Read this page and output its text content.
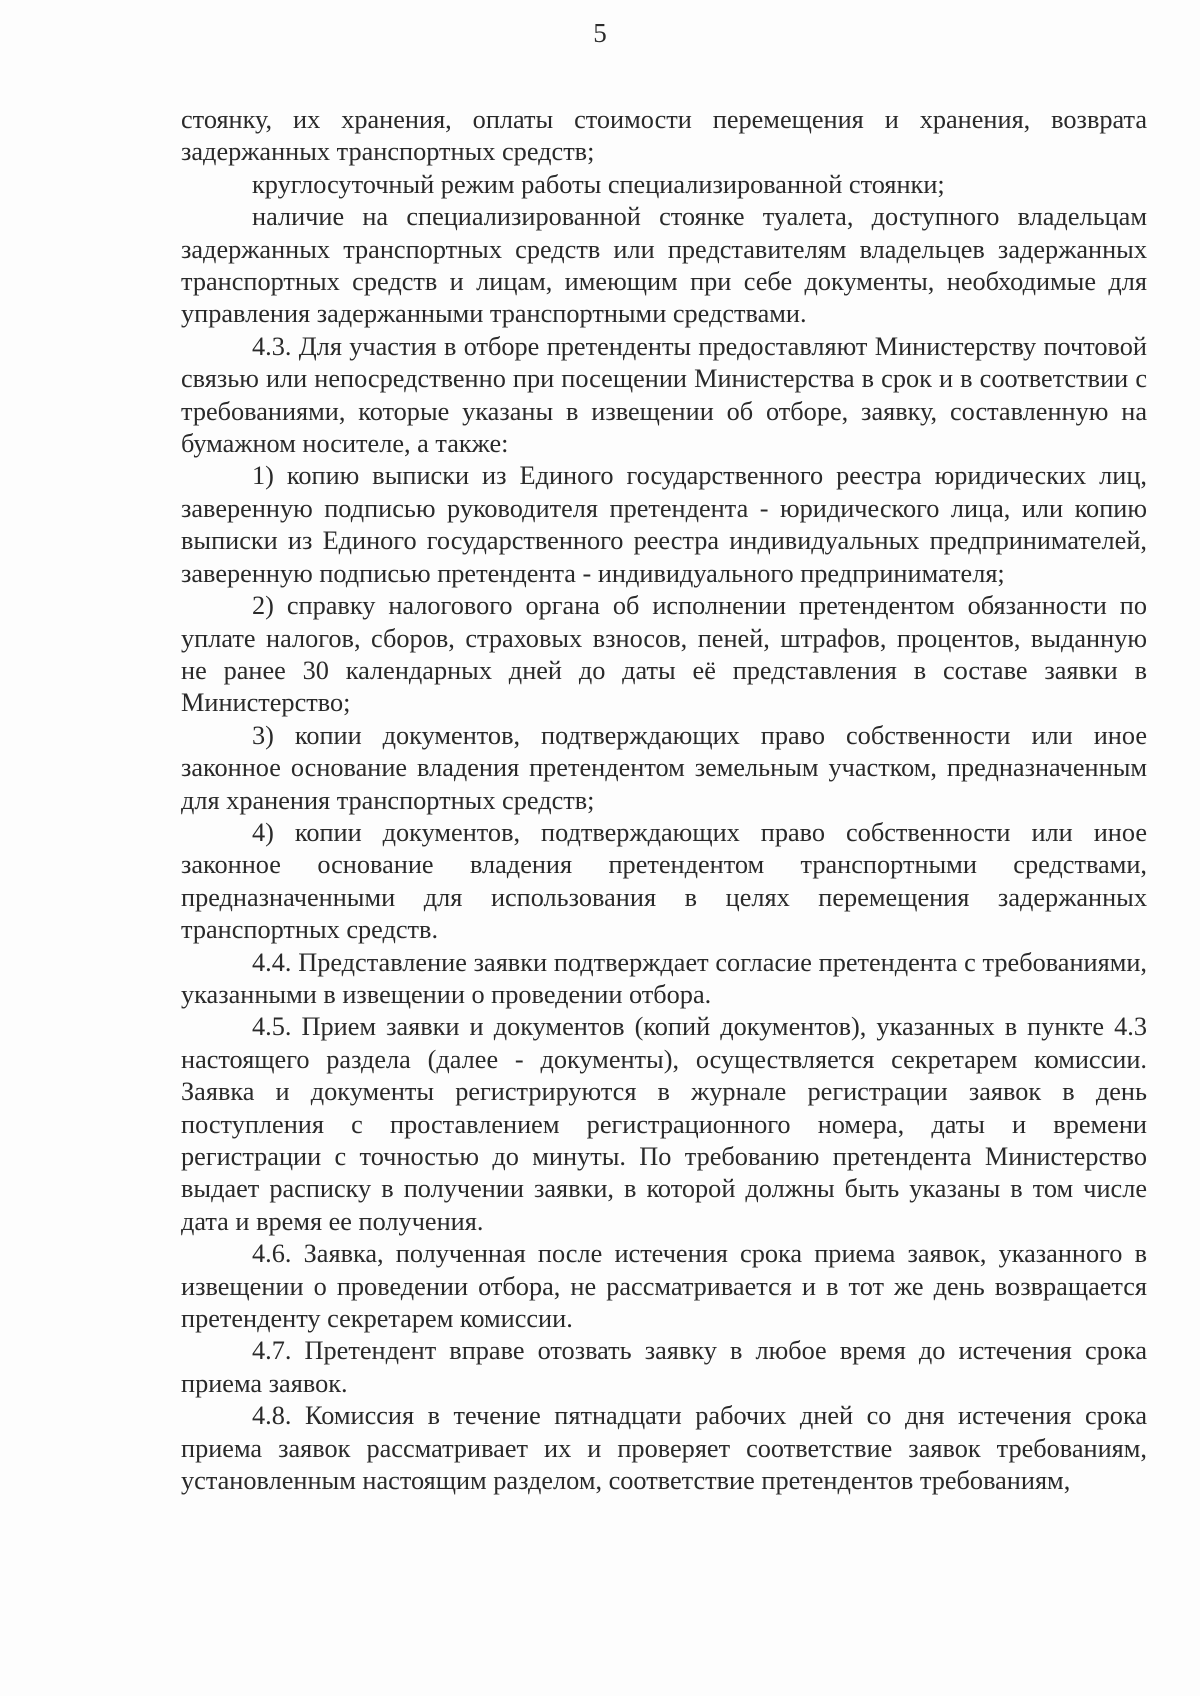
5

стоянку, их хранения, оплаты стоимости перемещения и хранения, возврата задержанных транспортных средств;

круглосуточный режим работы специализированной стоянки;

наличие на специализированной стоянке туалета, доступного владельцам задержанных транспортных средств или представителям владельцев задержанных транспортных средств и лицам, имеющим при себе документы, необходимые для управления задержанными транспортными средствами.

4.3. Для участия в отборе претенденты предоставляют Министерству почтовой связью или непосредственно при посещении Министерства в срок и в соответствии с требованиями, которые указаны в извещении об отборе, заявку, составленную на бумажном носителе, а также:

1) копию выписки из Единого государственного реестра юридических лиц, заверенную подписью руководителя претендента - юридического лица, или копию выписки из Единого государственного реестра индивидуальных предпринимателей, заверенную подписью претендента - индивидуального предпринимателя;

2) справку налогового органа об исполнении претендентом обязанности по уплате налогов, сборов, страховых взносов, пеней, штрафов, процентов, выданную не ранее 30 календарных дней до даты её представления в составе заявки в Министерство;

3) копии документов, подтверждающих право собственности или иное законное основание владения претендентом земельным участком, предназначенным для хранения транспортных средств;

4) копии документов, подтверждающих право собственности или иное законное основание владения претендентом транспортными средствами, предназначенными для использования в целях перемещения задержанных транспортных средств.

4.4. Представление заявки подтверждает согласие претендента с требованиями, указанными в извещении о проведении отбора.

4.5. Прием заявки и документов (копий документов), указанных в пункте 4.3 настоящего раздела (далее - документы), осуществляется секретарем комиссии. Заявка и документы регистрируются в журнале регистрации заявок в день поступления с проставлением регистрационного номера, даты и времени регистрации с точностью до минуты. По требованию претендента Министерство выдает расписку в получении заявки, в которой должны быть указаны в том числе дата и время ее получения.

4.6. Заявка, полученная после истечения срока приема заявок, указанного в извещении о проведении отбора, не рассматривается и в тот же день возвращается претенденту секретарем комиссии.

4.7. Претендент вправе отозвать заявку в любое время до истечения срока приема заявок.

4.8. Комиссия в течение пятнадцати рабочих дней со дня истечения срока приема заявок рассматривает их и проверяет соответствие заявок требованиям, установленным настоящим разделом, соответствие претендентов требованиям,
